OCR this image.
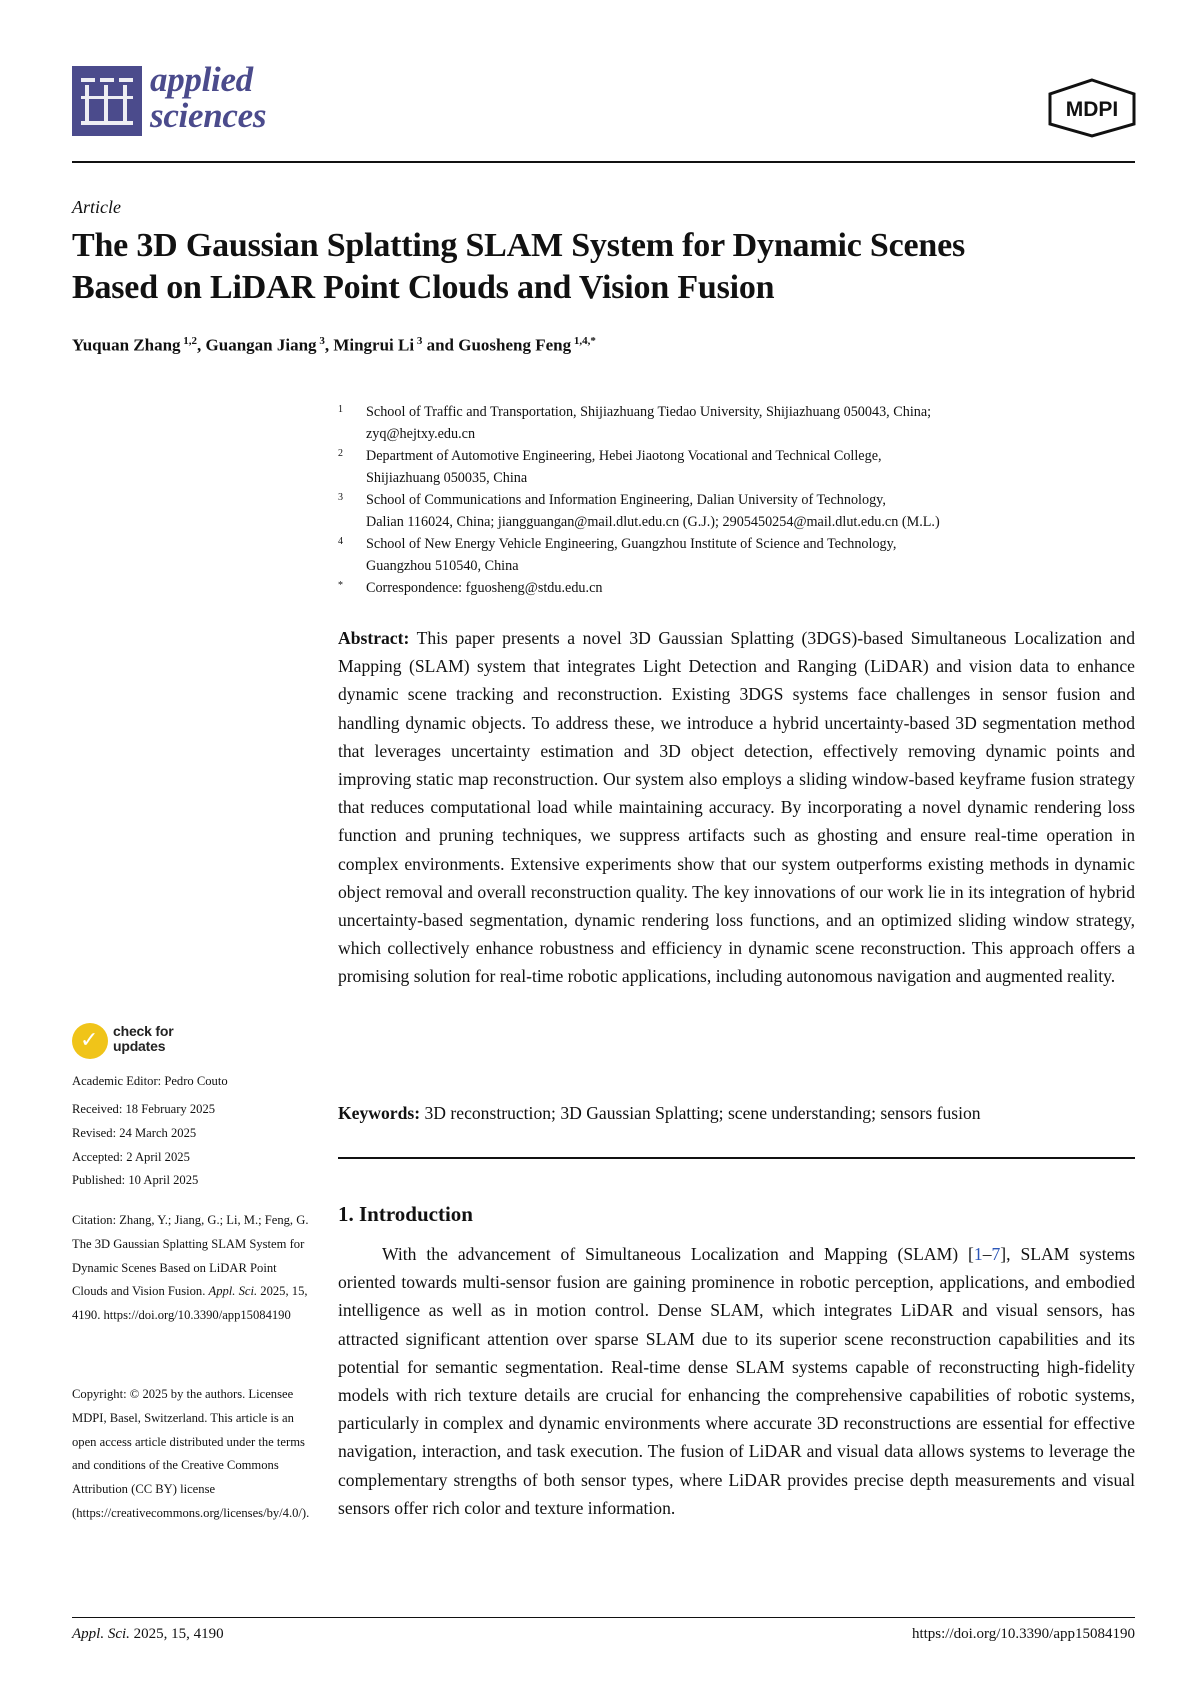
applied
sciences	MDPI
Article
The 3D Gaussian Splatting SLAM System for Dynamic Scenes
Based on LiDAR Point Clouds and Vision Fusion
Yuquan Zhang $^{1,2}$, Guangan Jiang $^3$, Mingrui Li $^3$ and Guosheng Feng $^{1,4,*}$
1 School of Traffic and Transportation, Shijiazhuang Tiedao University, Shijiazhuang 050043, China;
zyq@hejtxy.edu.cn
2 Department of Automotive Engineering, Hebei Jiaotong Vocational and Technical College,
Shijiazhuang 050035, China
3 School of Communications and Information Engineering, Dalian University of Technology,
Dalian 116024, China; jiangguangan@mail.dlut.edu.cn (G.J.); 2905450254@mail.dlut.edu.cn (M.L.)
4 School of New Energy Vehicle Engineering, Guangzhou Institute of Science and Technology,
Guangzhou 510540, China
* Correspondence: fguosheng@stdu.edu.cn
Abstract: This paper presents a novel 3D Gaussian Splatting (3DGS)-based Simultaneous Localization and Mapping (SLAM) system that integrates Light Detection and Ranging (LiDAR) and vision data to enhance dynamic scene tracking and reconstruction. Existing 3DGS systems face challenges in sensor fusion and handling dynamic objects. To address these, we introduce a hybrid uncertainty-based 3D segmentation method that leverages uncertainty estimation and 3D object detection, effectively removing dynamic points and improving static map reconstruction. Our system also employs a sliding window-based keyframe fusion strategy that reduces computational load while maintaining accuracy. By incorporating a novel dynamic rendering loss function and pruning techniques, we suppress artifacts such as ghosting and ensure real-time operation in complex environments. Extensive experiments show that our system outperforms existing methods in dynamic object removal and overall reconstruction quality. The key innovations of our work lie in its integration of hybrid uncertainty-based segmentation, dynamic rendering loss functions, and an optimized sliding window strategy, which collectively enhance robustness and efficiency in dynamic scene reconstruction. This approach offers a promising solution for real-time robotic applications, including autonomous navigation and augmented reality.
Keywords: 3D reconstruction; 3D Gaussian Splatting; scene understanding; sensors fusion
1. Introduction
With the advancement of Simultaneous Localization and Mapping (SLAM) [1–7], SLAM systems oriented towards multi-sensor fusion are gaining prominence in robotic perception, applications, and embodied intelligence as well as in motion control. Dense SLAM, which integrates LiDAR and visual sensors, has attracted significant attention over sparse SLAM due to its superior scene reconstruction capabilities and its potential for semantic segmentation. Real-time dense SLAM systems capable of reconstructing high-fidelity models with rich texture details are crucial for enhancing the comprehensive capabilities of robotic systems, particularly in complex and dynamic environments where accurate 3D reconstructions are essential for effective navigation, interaction, and task execution. The fusion of LiDAR and visual data allows systems to leverage the complementary strengths of both sensor types, where LiDAR provides precise depth measurements and visual sensors offer rich color and texture information.
✓ check for
updates
Academic Editor: Pedro Couto
Received: 18 February 2025
Revised: 24 March 2025
Accepted: 2 April 2025
Published: 10 April 2025
Citation: Zhang, Y.; Jiang, G.; Li, M.; Feng, G. The 3D Gaussian Splatting SLAM System for Dynamic Scenes Based on LiDAR Point Clouds and Vision Fusion. Appl. Sci. 2025, 15, 4190. https://doi.org/10.3390/app15084190
Copyright: © 2025 by the authors. Licensee MDPI, Basel, Switzerland. This article is an open access article distributed under the terms and conditions of the Creative Commons Attribution (CC BY) license (https://creativecommons.org/licenses/by/4.0/).
Appl. Sci. 2025, 15, 4190	https://doi.org/10.3390/app15084190
